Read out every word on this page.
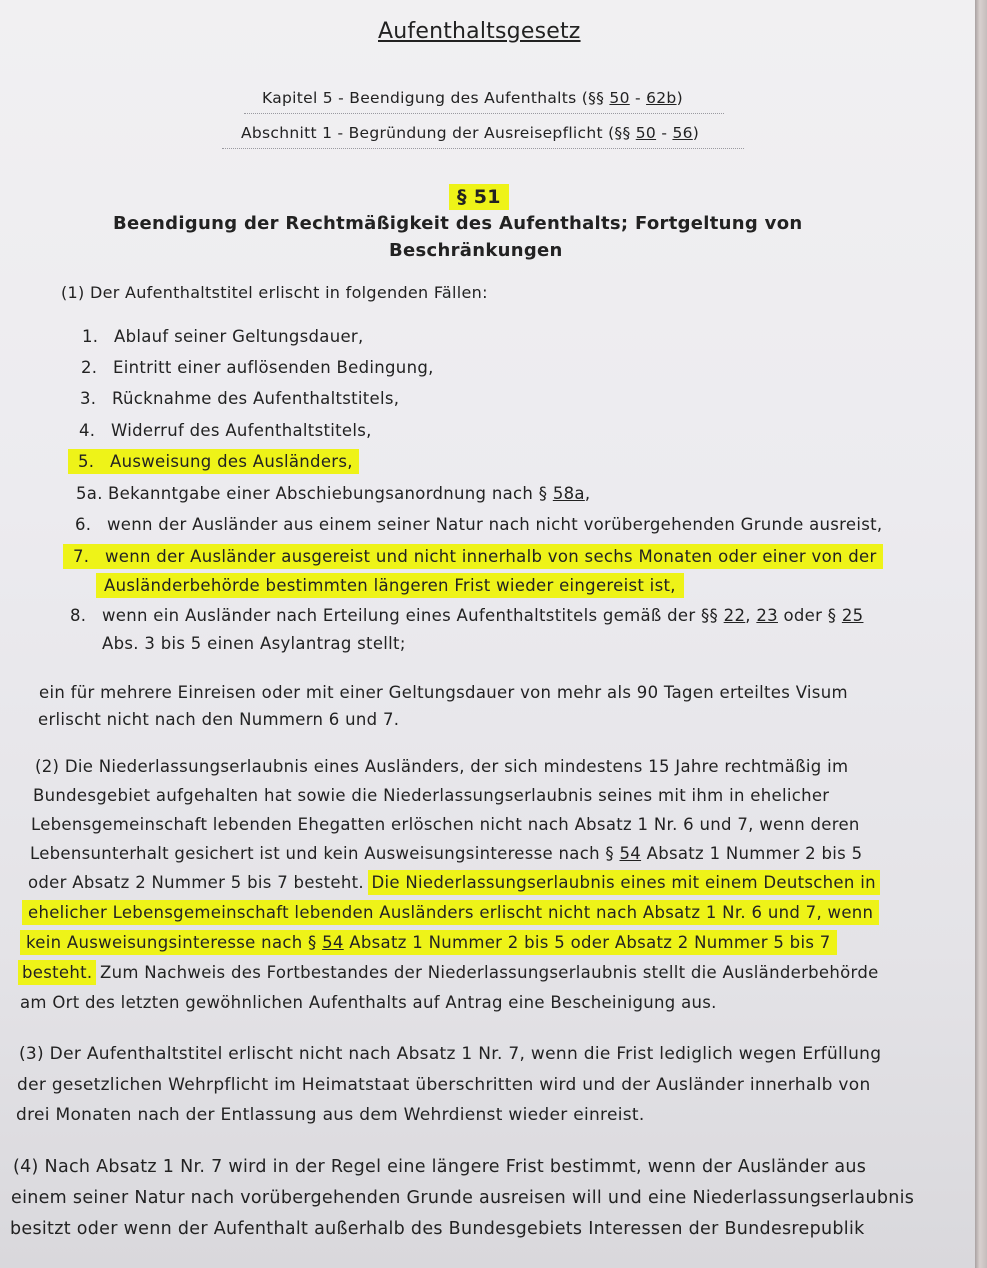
Aufenthaltsgesetz
Kapitel 5 - Beendigung des Aufenthalts (§§ 50 - 62b)
Abschnitt 1 - Begründung der Ausreisepflicht (§§ 50 - 56)
§ 51
Beendigung der Rechtmäßigkeit des Aufenthalts; Fortgeltung von
Beschränkungen
(1) Der Aufenthaltstitel erlischt in folgenden Fällen:
1. Ablauf seiner Geltungsdauer,
2. Eintritt einer auflösenden Bedingung,
3. Rücknahme des Aufenthaltstitels,
4. Widerruf des Aufenthaltstitels,
5. Ausweisung des Ausländers,
5a. Bekanntgabe einer Abschiebungsanordnung nach § 58a,
6. wenn der Ausländer aus einem seiner Natur nach nicht vorübergehenden Grunde ausreist,
7. wenn der Ausländer ausgereist und nicht innerhalb von sechs Monaten oder einer von der
Ausländerbehörde bestimmten längeren Frist wieder eingereist ist,
8. wenn ein Ausländer nach Erteilung eines Aufenthaltstitels gemäß der §§ 22, 23 oder § 25
Abs. 3 bis 5 einen Asylantrag stellt;
ein für mehrere Einreisen oder mit einer Geltungsdauer von mehr als 90 Tagen erteiltes Visum
erlischt nicht nach den Nummern 6 und 7.
(2) Die Niederlassungserlaubnis eines Ausländers, der sich mindestens 15 Jahre rechtmäßig im
Bundesgebiet aufgehalten hat sowie die Niederlassungserlaubnis seines mit ihm in ehelicher
Lebensgemeinschaft lebenden Ehegatten erlöschen nicht nach Absatz 1 Nr. 6 und 7, wenn deren
Lebensunterhalt gesichert ist und kein Ausweisungsinteresse nach § 54 Absatz 1 Nummer 2 bis 5
oder Absatz 2 Nummer 5 bis 7 besteht. Die Niederlassungserlaubnis eines mit einem Deutschen in
ehelicher Lebensgemeinschaft lebenden Ausländers erlischt nicht nach Absatz 1 Nr. 6 und 7, wenn
kein Ausweisungsinteresse nach § 54 Absatz 1 Nummer 2 bis 5 oder Absatz 2 Nummer 5 bis 7
besteht. Zum Nachweis des Fortbestandes der Niederlassungserlaubnis stellt die Ausländerbehörde
am Ort des letzten gewöhnlichen Aufenthalts auf Antrag eine Bescheinigung aus.
(3) Der Aufenthaltstitel erlischt nicht nach Absatz 1 Nr. 7, wenn die Frist lediglich wegen Erfüllung
der gesetzlichen Wehrpflicht im Heimatstaat überschritten wird und der Ausländer innerhalb von
drei Monaten nach der Entlassung aus dem Wehrdienst wieder einreist.
(4) Nach Absatz 1 Nr. 7 wird in der Regel eine längere Frist bestimmt, wenn der Ausländer aus
einem seiner Natur nach vorübergehenden Grunde ausreisen will und eine Niederlassungserlaubnis
besitzt oder wenn der Aufenthalt außerhalb des Bundesgebiets Interessen der Bundesrepublik
